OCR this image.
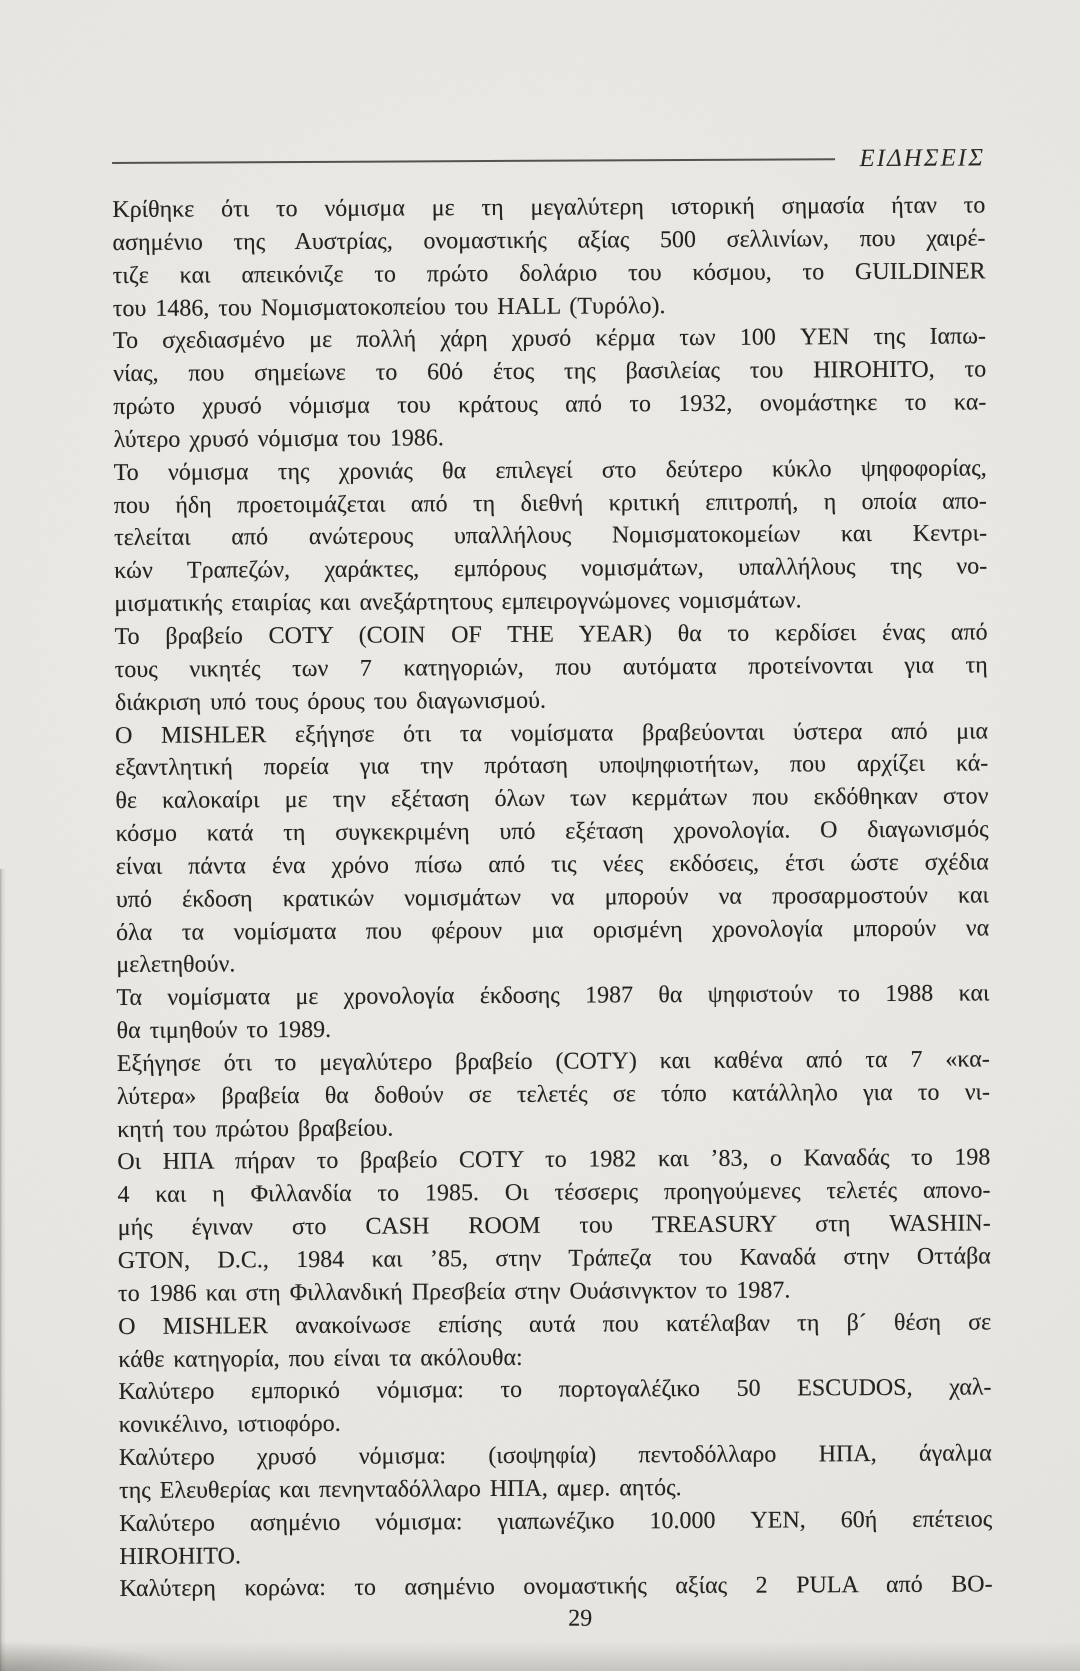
ΕΙΔΗΣΕΙΣ
Κρίθηκε ότι το νόμισμα με τη μεγαλύτερη ιστορική σημασία ήταν το
ασημένιο της Αυστρίας, ονομαστικής αξίας 500 σελλινίων, που χαιρέ-
τιζε και απεικόνιζε το πρώτο δολάριο του κόσμου, το GUILDINER
του 1486, του Νομισματοκοπείου του HALL (Τυρόλο).
Το σχεδιασμένο με πολλή χάρη χρυσό κέρμα των 100 YEN της Ιαπω-
νίας, που σημείωνε το 60ό έτος της βασιλείας του HIROHITO, το
πρώτο χρυσό νόμισμα του κράτους από το 1932, ονομάστηκε το κα-
λύτερο χρυσό νόμισμα του 1986.
Το νόμισμα της χρονιάς θα επιλεγεί στο δεύτερο κύκλο ψηφοφορίας,
που ήδη προετοιμάζεται από τη διεθνή κριτική επιτροπή, η οποία απο-
τελείται από ανώτερους υπαλλήλους Νομισματοκομείων και Κεντρι-
κών Τραπεζών, χαράκτες, εμπόρους νομισμάτων, υπαλλήλους της νο-
μισματικής εταιρίας και ανεξάρτητους εμπειρογνώμονες νομισμάτων.
Το βραβείο COTY (COIN OF THE YEAR) θα το κερδίσει ένας από
τους νικητές των 7 κατηγοριών, που αυτόματα προτείνονται για τη
διάκριση υπό τους όρους του διαγωνισμού.
Ο MISHLER εξήγησε ότι τα νομίσματα βραβεύονται ύστερα από μια
εξαντλητική πορεία για την πρόταση υποψηφιοτήτων, που αρχίζει κά-
θε καλοκαίρι με την εξέταση όλων των κερμάτων που εκδόθηκαν στον
κόσμο κατά τη συγκεκριμένη υπό εξέταση χρονολογία. Ο διαγωνισμός
είναι πάντα ένα χρόνο πίσω από τις νέες εκδόσεις, έτσι ώστε σχέδια
υπό έκδοση κρατικών νομισμάτων να μπορούν να προσαρμοστούν και
όλα τα νομίσματα που φέρουν μια ορισμένη χρονολογία μπορούν να
μελετηθούν.
Τα νομίσματα με χρονολογία έκδοσης 1987 θα ψηφιστούν το 1988 και
θα τιμηθούν το 1989.
Εξήγησε ότι το μεγαλύτερο βραβείο (COTY) και καθένα από τα 7 «κα-
λύτερα» βραβεία θα δοθούν σε τελετές σε τόπο κατάλληλο για το νι-
κητή του πρώτου βραβείου.
Οι ΗΠΑ πήραν το βραβείο COTY το 1982 και ’83, ο Καναδάς το 198
4 και η Φιλλανδία το 1985. Οι τέσσερις προηγούμενες τελετές απονο-
μής έγιναν στο CASH ROOM του TREASURY στη WASHIN-
GTON, D.C., 1984 και ’85, στην Τράπεζα του Καναδά στην Οττάβα
το 1986 και στη Φιλλανδική Πρεσβεία στην Ουάσινγκτον το 1987.
Ο MISHLER ανακοίνωσε επίσης αυτά που κατέλαβαν τη β´ θέση σε
κάθε κατηγορία, που είναι τα ακόλουθα:
Καλύτερο εμπορικό νόμισμα: το πορτογαλέζικο 50 ESCUDOS, χαλ-
κονικέλινο, ιστιοφόρο.
Καλύτερο χρυσό νόμισμα: (ισοψηφία) πεντοδόλλαρο ΗΠΑ, άγαλμα
της Ελευθερίας και πενηνταδόλλαρο ΗΠΑ, αμερ. αητός.
Καλύτερο ασημένιο νόμισμα: γιαπωνέζικο 10.000 YEN, 60ή επέτειος
HIROHITO.
Καλύτερη κορώνα: το ασημένιο ονομαστικής αξίας 2 PULA από ΒΟ-
29
